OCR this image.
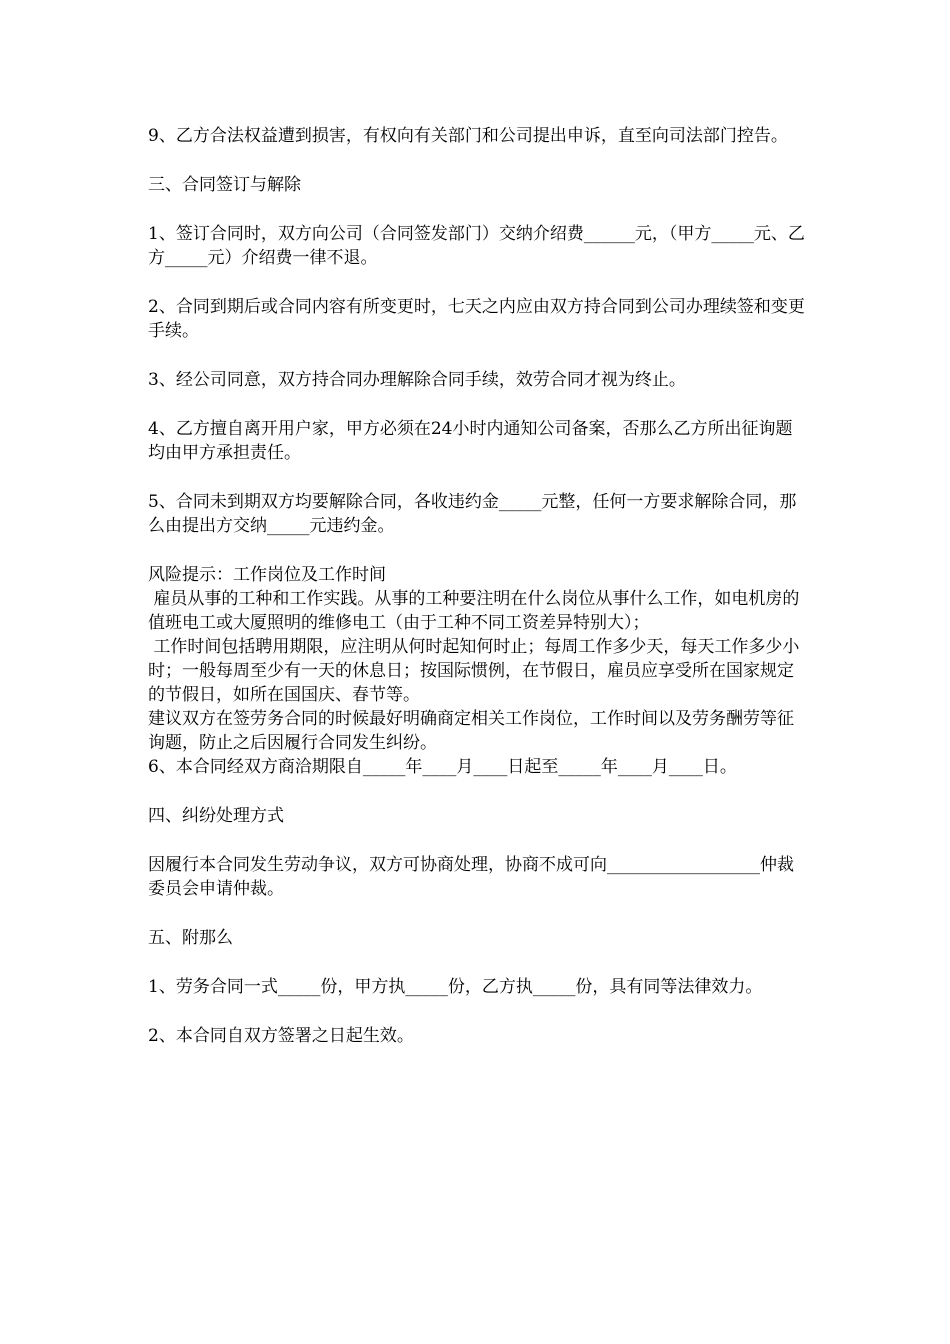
9、乙方合法权益遭到损害，有权向有关部门和公司提出申诉，直至向司法部门控告。

三、合同签订与解除

1、签订合同时，双方向公司（合同签发部门）交纳介绍费______元，（甲方_____元、乙方_____元）介绍费一律不退。

2、合同到期后或合同内容有所变更时，七天之内应由双方持合同到公司办理续签和变更手续。

3、经公司同意，双方持合同办理解除合同手续，效劳合同才视为终止。

4、乙方擅自离开用户家，甲方必须在24小时内通知公司备案，否那么乙方所出征询题均由甲方承担责任。

5、合同未到期双方均要解除合同，各收违约金_____元整，任何一方要求解除合同，那么由提出方交纳_____元违约金。

风险提示：工作岗位及工作时间

雇员从事的工种和工作实践。从事的工种要注明在什么岗位从事什么工作，如电机房的值班电工或大厦照明的维修电工（由于工种不同工资差异特别大）；

工作时间包括聘用期限，应注明从何时起知何时止；每周工作多少天，每天工作多少小时；一般每周至少有一天的休息日；按国际惯例，在节假日，雇员应享受所在国家规定的节假日，如所在国国庆、春节等。

建议双方在签劳务合同的时候最好明确商定相关工作岗位，工作时间以及劳务酬劳等征询题，防止之后因履行合同发生纠纷。

6、本合同经双方商洽期限自_____年____月____日起至_____年____月____日。

四、纠纷处理方式

因履行本合同发生劳动争议，双方可协商处理，协商不成可向__________________仲裁委员会申请仲裁。

五、附那么

1、劳务合同一式_____份，甲方执_____份，乙方执_____份，具有同等法律效力。

2、本合同自双方签署之日起生效。
